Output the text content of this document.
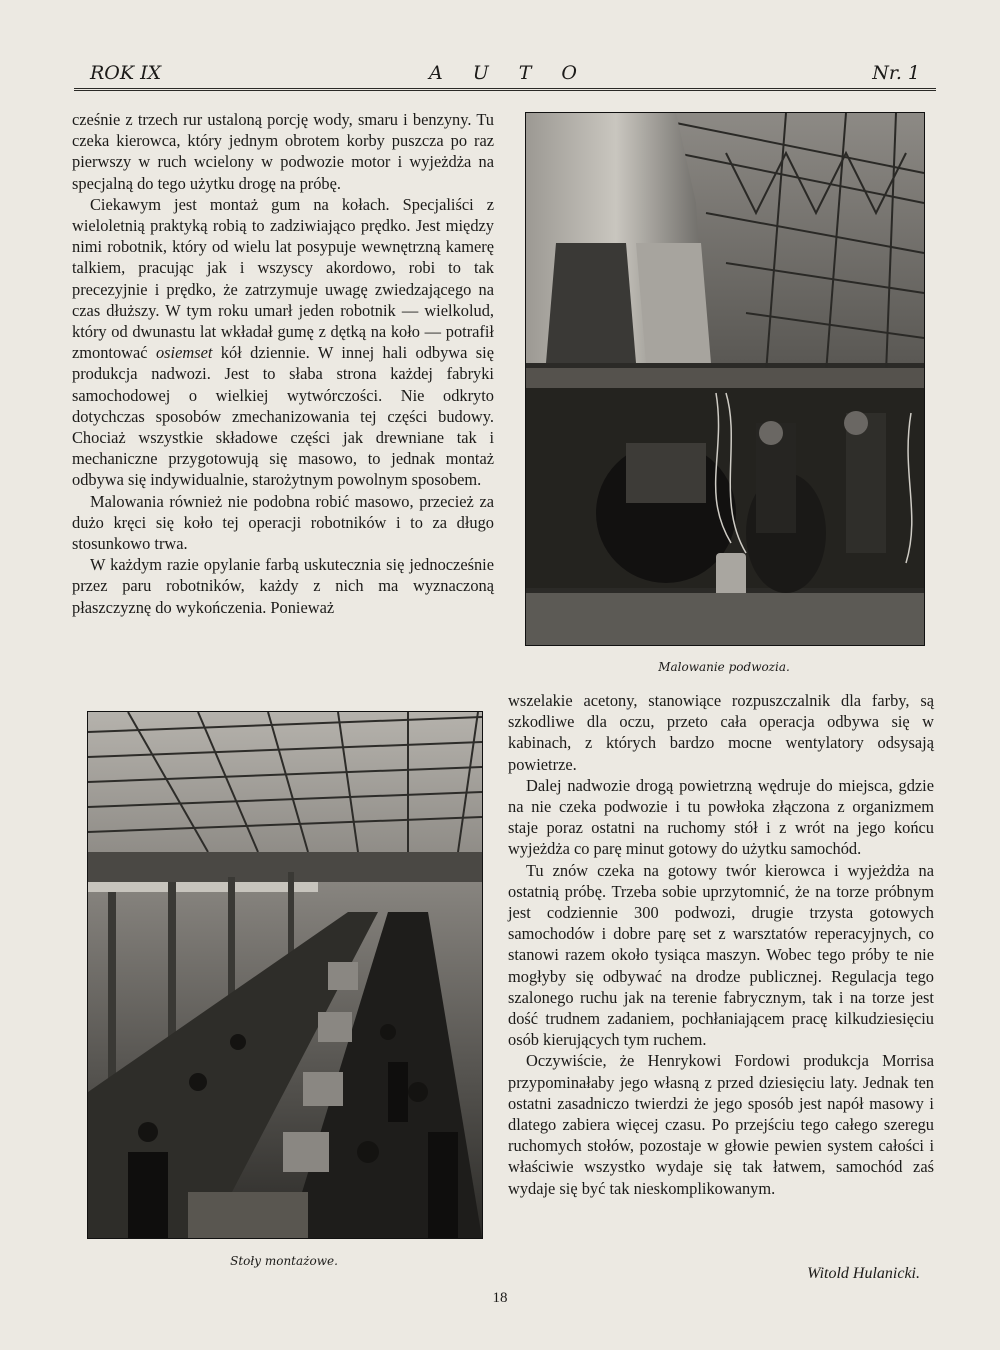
ROK IX	AUTO	Nr. 1

cześnie z trzech rur ustaloną porcję wody, smaru i benzyny. Tu czeka kierowca, który jednym obrotem korby puszcza po raz pierwszy w ruch wcielony w podwozie motor i wyjeżdża na specjalną do tego użytku drogę na próbę.

Ciekawym jest montaż gum na kołach. Specjaliści z wieloletnią praktyką robią to zadziwiająco prędko. Jest między nimi robotnik, który od wielu lat posypuje wewnętrzną kamerę talkiem, pracując jak i wszyscy akordowo, robi to tak precezyjnie i prędko, że zatrzymuje uwagę zwiedzającego na czas dłuższy. W tym roku umarł jeden robotnik — wielkolud, który od dwunastu lat wkładał gumę z dętką na koło — potrafił zmontować osiemset kół dziennie. W innej hali odbywa się produkcja nadwozi. Jest to słaba strona każdej fabryki samochodowej o wielkiej wytwórczości. Nie odkryto dotychczas sposobów zmechanizowania tej części budowy. Chociaż wszystkie składowe części jak drewniane tak i mechaniczne przygotowują się masowo, to jednak montaż odbywa się indywidualnie, starożytnym powolnym sposobem.

Malowania również nie podobna robić masowo, przecież za dużo kręci się koło tej operacji robotników i to za długo stosunkowo trwa.

W każdym razie opylanie farbą uskutecznia się jednocześnie przez paru robotników, każdy z nich ma wyznaczoną płaszczyznę do wykończenia. Ponieważ

Malowanie podwozia.
Stoły montażowe.

wszelakie acetony, stanowiące rozpuszczalnik dla farby, są szkodliwe dla oczu, przeto cała operacja odbywa się w kabinach, z których bardzo mocne wentylatory odsysają powietrze.

Dalej nadwozie drogą powietrzną wędruje do miejsca, gdzie na nie czeka podwozie i tu powłoka złączona z organizmem staje poraz ostatni na ruchomy stół i z wrót na jego końcu wyjeżdża co parę minut gotowy do użytku samochód.

Tu znów czeka na gotowy twór kierowca i wyjeżdża na ostatnią próbę. Trzeba sobie uprzytomnić, że na torze próbnym jest codziennie 300 podwozi, drugie trzysta gotowych samochodów i dobre parę set z warsztatów reperacyjnych, co stanowi razem około tysiąca maszyn. Wobec tego próby te nie mogłyby się odbywać na drodze publicznej. Regulacja tego szalonego ruchu jak na terenie fabrycznym, tak i na torze jest dość trudnem zadaniem, pochłaniającem pracę kilkudziesięciu osób kierujących tym ruchem.

Oczywiście, że Henrykowi Fordowi produkcja Morrisa przypominałaby jego własną z przed dziesięciu laty. Jednak ten ostatni zasadniczo twierdzi że jego sposób jest napół masowy i dlatego zabiera więcej czasu. Po przejściu tego całego szeregu ruchomych stołów, pozostaje w głowie pewien system całości i właściwie wszystko wydaje się tak łatwem, samochód zaś wydaje się być tak nieskomplikowanym.

Witold Hulanicki.
18
